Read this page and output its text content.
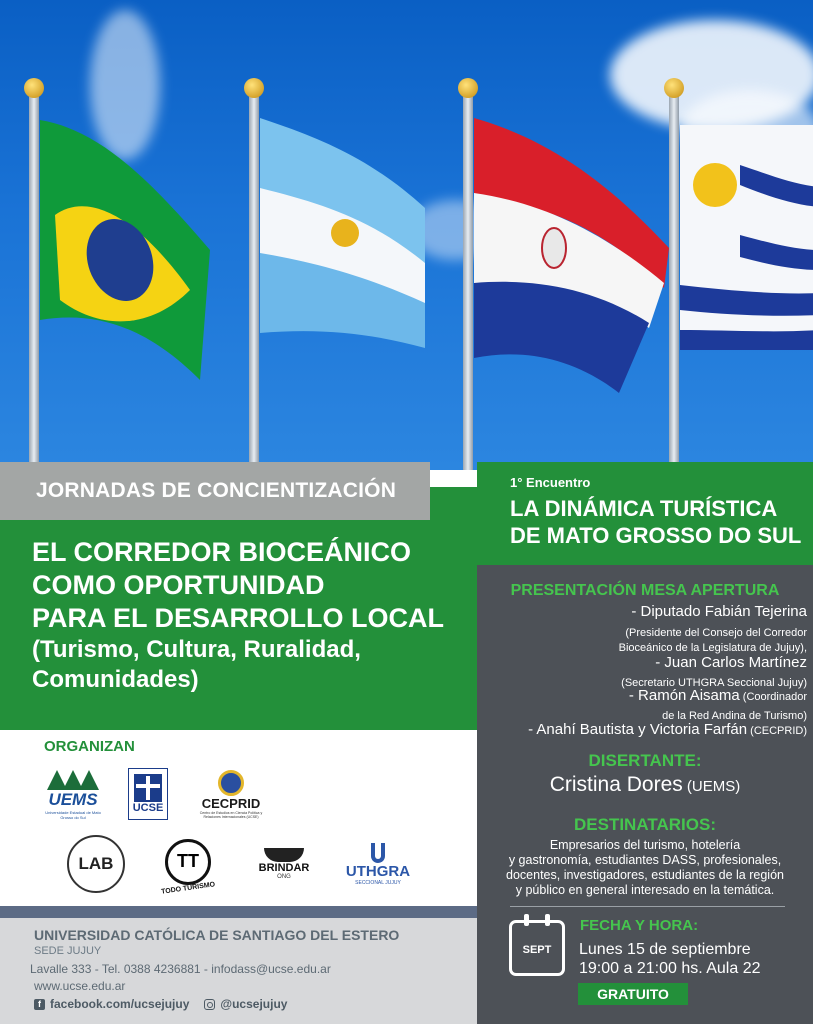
JORNADAS DE CONCIENTIZACIÓN
EL CORREDOR BIOCEÁNICO
COMO OPORTUNIDAD
PARA EL DESARROLLO LOCAL
(Turismo, Cultura, Ruralidad,
Comunidades)
ORGANIZAN
UEMS
Universidade Estadual de Mato Grosso do Sul
UCSE	CECPRID
Centro de Estudios en Ciencia Política y Relaciones Internacionales (UCSE)
LAB	TT
TODO TURISMO
BRINDAR
ONG	UTHGRA
SECCIONAL JUJUY
UNIVERSIDAD CATÓLICA DE SANTIAGO DEL ESTERO
SEDE JUJUY
Lavalle 333 - Tel. 0388 4236881 - infodass@ucse.edu.ar
www.ucse.edu.ar
f facebook.com/ucsejujuy	@ucsejujuy
1° Encuentro
LA DINÁMICA TURÍSTICA
DE MATO GROSSO DO SUL
PRESENTACIÓN MESA APERTURA
- Diputado Fabián Tejerina
(Presidente del Consejo del Corredor
Bioceánico de la Legislatura de Jujuy),
- Juan Carlos Martínez
(Secretario UTHGRA Seccional Jujuy)
- Ramón Aisama (Coordinador
de la Red Andina de Turismo)
- Anahí Bautista y Victoria Farfán (CECPRID)
DISERTANTE:
Cristina Dores (UEMS)
DESTINATARIOS:
Empresarios del turismo, hotelería
y gastronomía, estudiantes DASS, profesionales,
docentes, investigadores, estudiantes de la región
y público en general interesado en la temática.
SEPT
FECHA Y HORA:
Lunes 15 de septiembre
19:00 a 21:00 hs. Aula 22
GRATUITO
